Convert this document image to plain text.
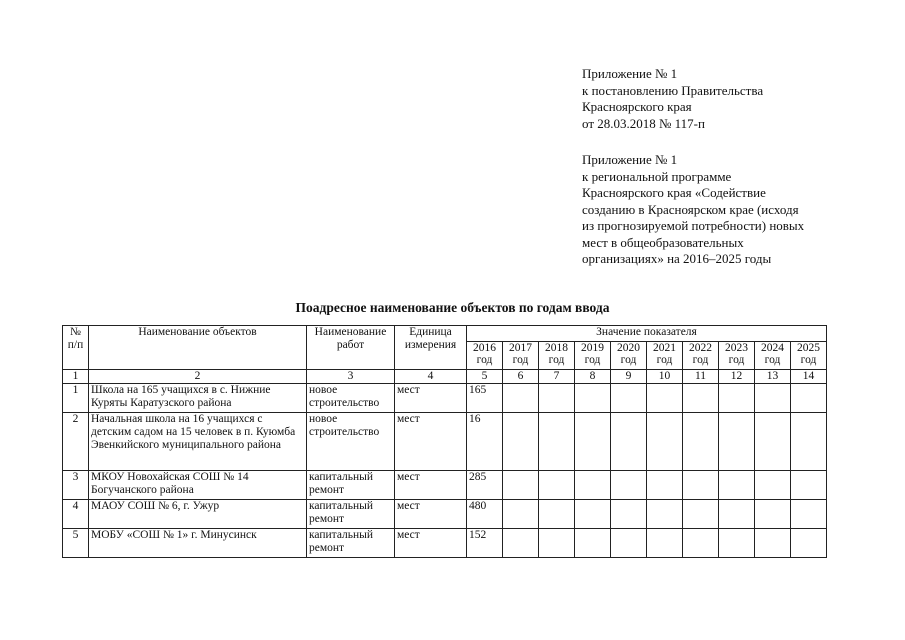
Приложение № 1
к постановлению Правительства
Красноярского края
от 28.03.2018 № 117-п
Приложение № 1
к региональной программе
Красноярского края «Содействие
созданию в Красноярском крае (исходя
из прогнозируемой потребности) новых
мест в общеобразовательных
организациях» на 2016–2025 годы
Поадресное наименование объектов по годам ввода
№ п/п	Наименование объектов	Наименование работ	Единица измерения	Значение показателя									
				2016 год	2017 год	2018 год	2019 год	2020 год	2021 год	2022 год	2023 год	2024 год	2025 год
1	2	3	4	5	6	7	8	9	10	11	12	13	14
1	Школа на 165 учащихся в с. Нижние Куряты Каратузского района	новое строительство	мест	165									
2	Начальная школа на 16 учащихся с детским садом на 15 человек в п. Куюмба Эвенкийского муниципального района	новое строительство	мест	16									
3	МКОУ Новохайская СОШ № 14 Богучанского района	капитальный ремонт	мест	285									
4	МАОУ СОШ № 6, г. Ужур	капитальный ремонт	мест	480									
5	МОБУ «СОШ № 1» г. Минусинск	капитальный ремонт	мест	152									
